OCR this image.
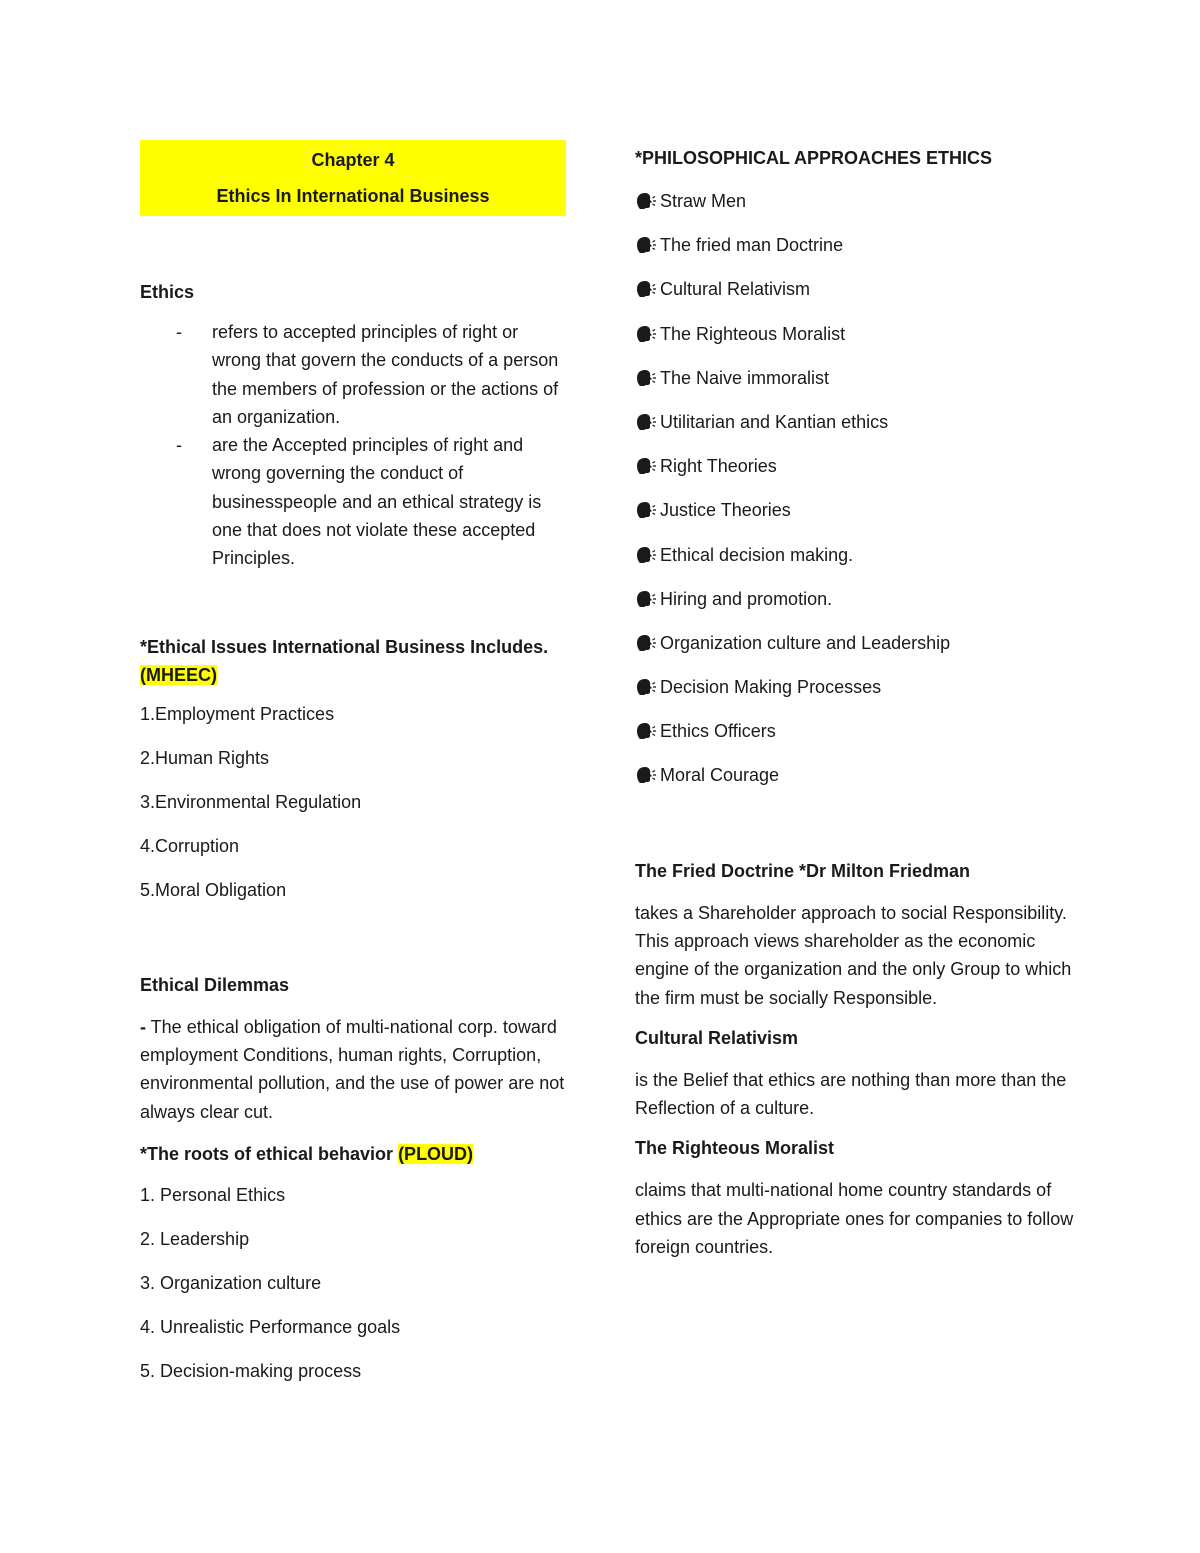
Chapter 4
Ethics In International Business

Ethics

- refers to accepted principles of right or wrong that govern the conducts of a person the members of profession or the actions of an organization.
- are the Accepted principles of right and wrong governing the conduct of businesspeople and an ethical strategy is one that does not violate these accepted Principles.

*Ethical Issues International Business Includes.
(MHEEC)

1.Employment Practices
2.Human Rights
3.Environmental Regulation
4.Corruption
5.Moral Obligation

Ethical Dilemmas

- The ethical obligation of multi-national corp. toward employment Conditions, human rights, Corruption, environmental pollution, and the use of power are not always clear cut.

*The roots of ethical behavior (PLOUD)

1. Personal Ethics
2. Leadership
3. Organization culture
4. Unrealistic Performance goals
5. Decision-making process

*PHILOSOPHICAL APPROACHES ETHICS

Straw Men
The fried man Doctrine
Cultural Relativism
The Righteous Moralist
The Naive immoralist
Utilitarian and Kantian ethics
Right Theories
Justice Theories
Ethical decision making.
Hiring and promotion.
Organization culture and Leadership
Decision Making Processes
Ethics Officers
Moral Courage

The Fried Doctrine *Dr Milton Friedman

takes a Shareholder approach to social Responsibility. This approach views shareholder as the economic engine of the organization and the only Group to which the firm must be socially Responsible.

Cultural Relativism

is the Belief that ethics are nothing than more than the Reflection of a culture.

The Righteous Moralist

claims that multi-national home country standards of ethics are the Appropriate ones for companies to follow foreign countries.
